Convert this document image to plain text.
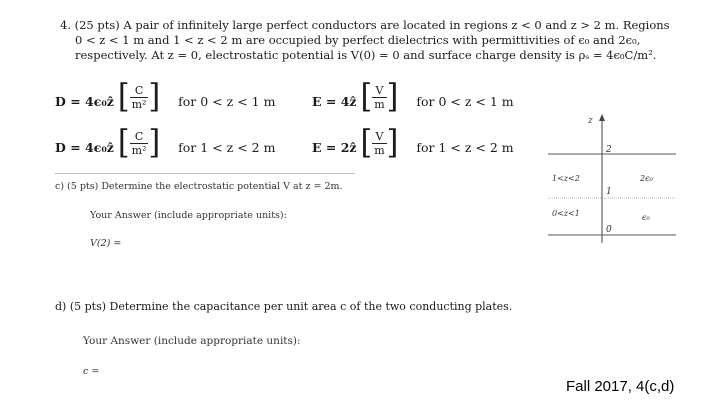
4. (25 pts) A pair of infinitely large perfect conductors are located in regions z < 0 and z > 2 m. Regions
0 < z < 1 m and 1 < z < 2 m are occupied by perfect dielectrics with permittivities of ϵ₀ and 2ϵ₀,
respectively. At z = 0, electrostatic potential is V(0) = 0 and surface charge density is ρₛ = 4ϵ₀C/m².
D = 4ϵ₀ẑ [ $\frac{C}{\text{m²}}$ ] for 0 < z < 1 m	E = 4ẑ [ $\frac{V}{m}$ ] for 0 < z < 1 m
D = 4ϵ₀ẑ [ $\frac{C}{\text{m²}}$ ] for 1 < z < 2 m	E = 2ẑ [ $\frac{V}{m}$ ] for 1 < z < 2 m
c) (5 pts) Determine the electrostatic potential V at z = 2m.
Your Answer (include appropriate units):
V(2) =
d) (5 pts) Determine the capacitance per unit area c of the two conducting plates.
Your Answer (include appropriate units):
c =
z
2
1
0
1<z<2
0<z<1
2ϵ₀
ϵ₀
Fall 2017, 4(c,d)
